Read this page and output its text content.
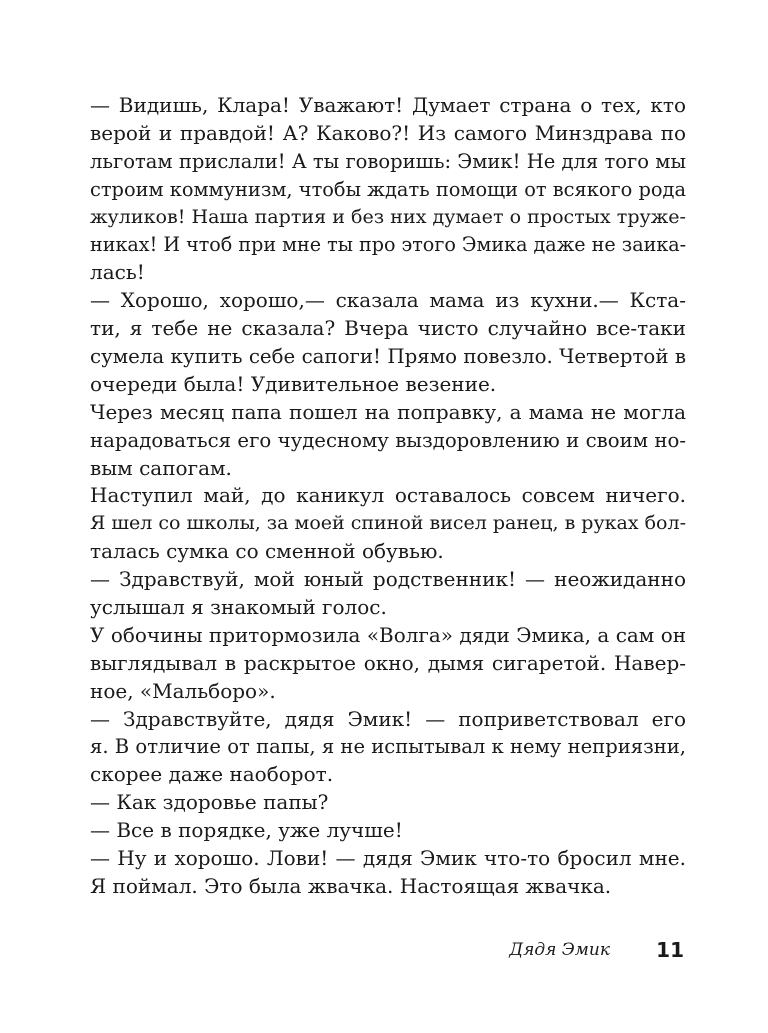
— Видишь, Клара! Уважают! Думает страна о тех, кто
верой и правдой! А? Каково?! Из самого Минздрава по
льготам прислали! А ты говоришь: Эмик! Не для того мы
строим коммунизм, чтобы ждать помощи от всякого рода
жуликов! Наша партия и без них думает о простых труже-
никах! И чтоб при мне ты про этого Эмика даже не заика-
лась!
— Хорошо, хорошо,— сказала мама из кухни.— Кста-
ти, я тебе не сказала? Вчера чисто случайно все-таки
сумела купить себе сапоги! Прямо повезло. Четвертой в
очереди была! Удивительное везение.
Через месяц папа пошел на поправку, а мама не могла
нарадоваться его чудесному выздоровлению и своим но-
вым сапогам.
Наступил май, до каникул оставалось совсем ничего.
Я шел со школы, за моей спиной висел ранец, в руках бол-
талась сумка со сменной обувью.
— Здравствуй, мой юный родственник! — неожиданно
услышал я знакомый голос.
У обочины притормозила «Волга» дяди Эмика, а сам он
выглядывал в раскрытое окно, дымя сигаретой. Навер-
ное, «Мальборо».
— Здравствуйте, дядя Эмик! — поприветствовал его
я. В отличие от папы, я не испытывал к нему неприязни,
скорее даже наоборот.
— Как здоровье папы?
— Все в порядке, уже лучше!
— Ну и хорошо. Лови! — дядя Эмик что-то бросил мне.
Я поймал. Это была жвачка. Настоящая жвачка.
Дядя Эмик 11
